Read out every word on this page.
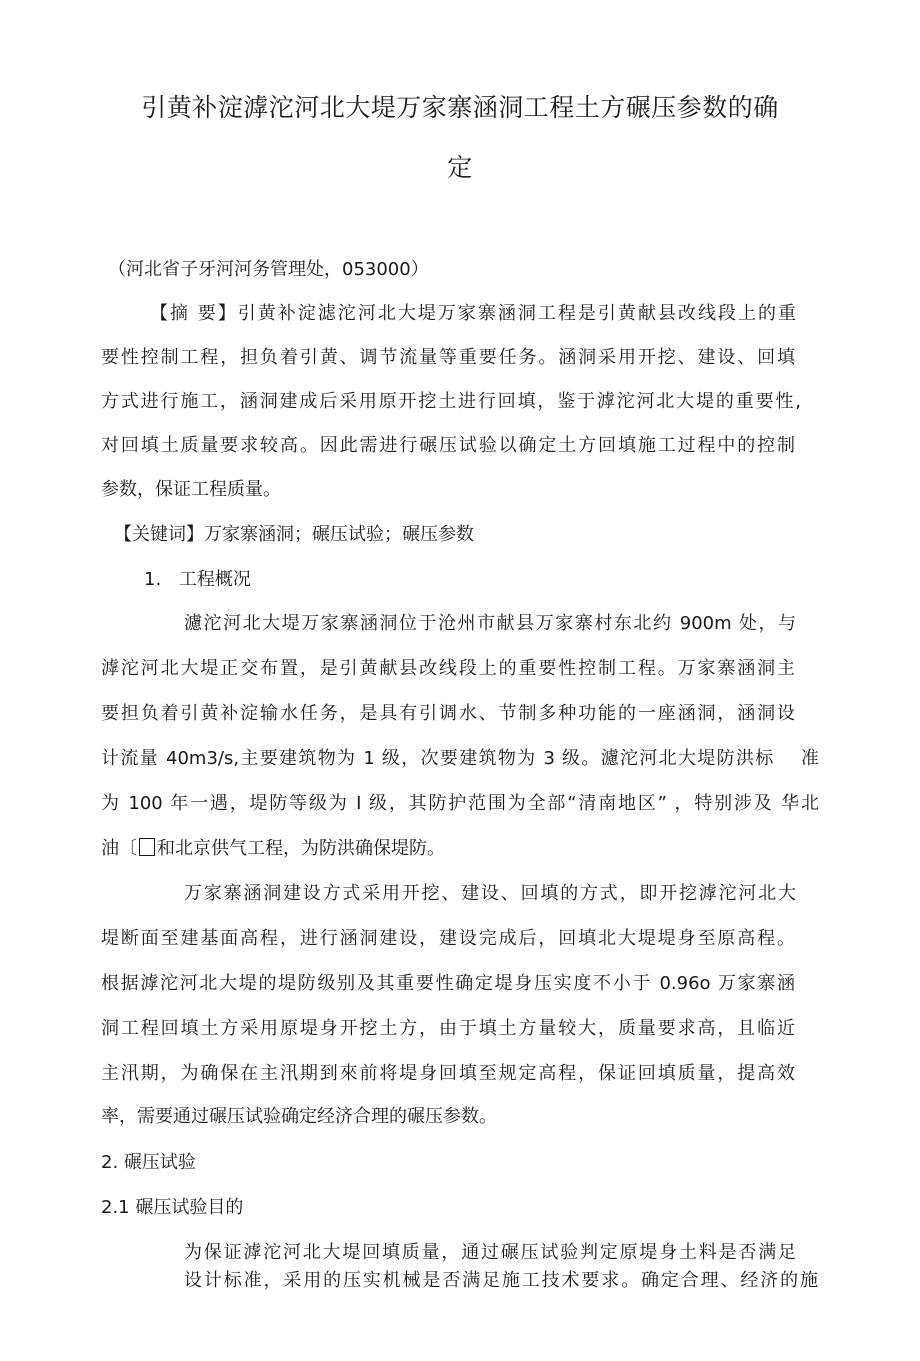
引黄补淀滹沱河北大堤万家寨涵洞工程土方碾压参数的确
定

（河北省子牙河河务管理处，053000）

【摘 要】引黄补淀滤沱河北大堤万家寨涵洞工程是引黄献县改线段上的重

要性控制工程，担负着引黄、调节流量等重要任务。涵洞采用开挖、建设、回填

方式进行施工，涵洞建成后采用原开挖土进行回填，鉴于滹沱河北大堤的重要性,

对回填土质量要求较高。因此需进行碾压试验以确定土方回填施工过程中的控制

参数，保证工程质量。

【关键词】万家寨涵洞；碾压试验；碾压参数

1. 工程概况

濾沱河北大堤万家寨涵洞位于沧州市献县万家寨村东北约 900m 处，与

滹沱河北大堤正交布置，是引黄献县改线段上的重要性控制工程。万家寨涵洞主

要担负着引黄补淀输水任务，是具有引调水、节制多种功能的一座涵洞，涵洞设

计流量 40m3/s,主要建筑物为 1 级，次要建筑物为 3 级。濾沱河北大堤防洪标　 准

为 100 年一遇，堤防等级为 I 级，其防护范围为全部“清南地区” ，特别涉及 华北

油〔 和北京供气工程，为防洪确保堤防。

万家寨涵洞建设方式采用开挖、建设、回填的方式，即开挖滹沱河北大

堤断面至建基面高程，进行涵洞建设，建设完成后，回填北大堤堤身至原高程。

根据滹沱河北大堤的堤防级别及其重要性确定堤身压实度不小于 0.96o 万家寨涵

洞工程回填土方采用原堤身开挖土方，由于填土方量较大，质量要求高，且临近

主汛期，为确保在主汛期到來前将堤身回填至规定高程，保证回填质量，提高效

率，需要通过碾压试验确定经济合理的碾压参数。

2. 碾压试验

2.1 碾压试验目的

为保证滹沱河北大堤回填质量，通过碾压试验判定原堤身土料是否满足

设计标准，采用的压实机械是否满足施工技术要求。确定合理、经济的施
